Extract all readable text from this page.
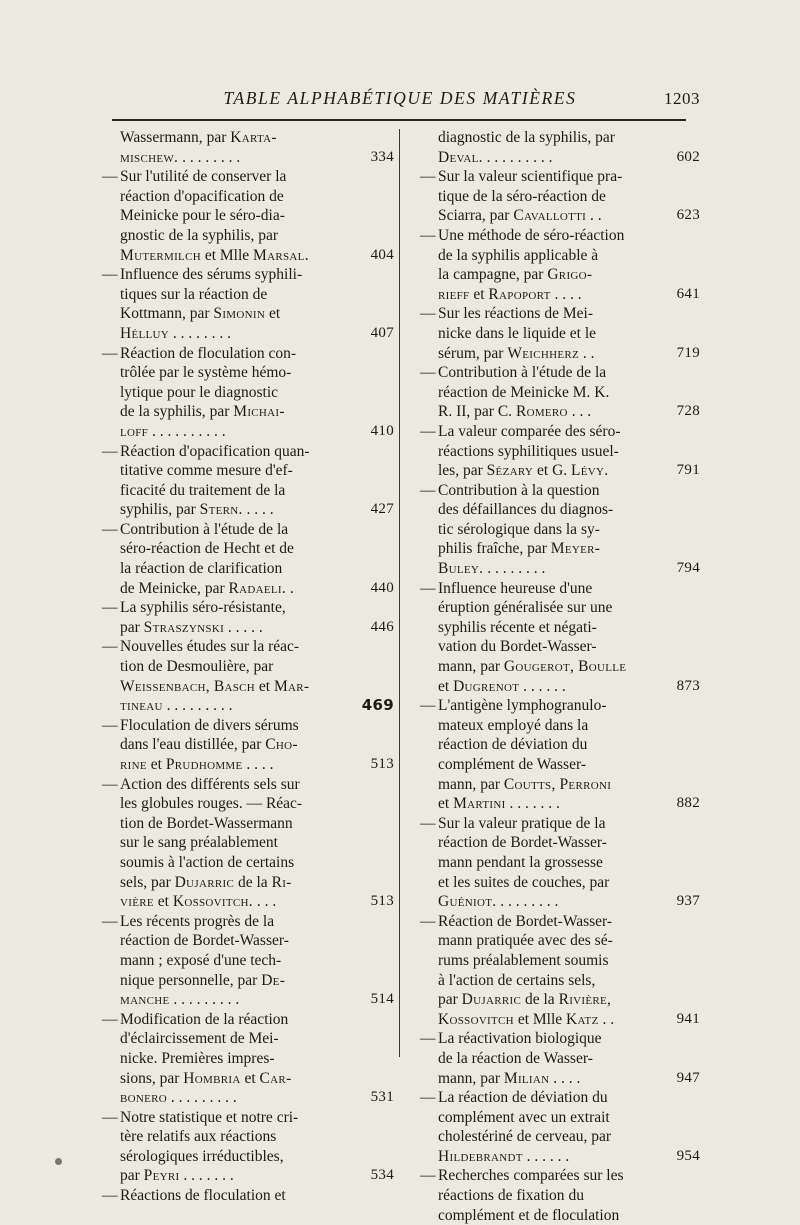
TABLE ALPHABÉTIQUE DES MATIÈRES	1203
Wassermann, par Karta-
mischew. . . . . . . . .	334
— Sur l'utilité de conserver la
réaction d'opacification de
Meinicke pour le séro-dia-
gnostic de la syphilis, par
Mutermilch et Mlle Marsal.	404
— Influence des sérums syphili-
tiques sur la réaction de
Kottmann, par Simonin et
Hélluy . . . . . . . .	407
— Réaction de floculation con-
trôlée par le système hémo-
lytique pour le diagnostic
de la syphilis, par Michai-
loff . . . . . . . . . .	410
— Réaction d'opacification quan-
titative comme mesure d'ef-
ficacité du traitement de la
syphilis, par Stern. . . . .	427
— Contribution à l'étude de la
séro-réaction de Hecht et de
la réaction de clarification
de Meinicke, par Radaeli. .	440
— La syphilis séro-résistante,
par Straszynski . . . . .	446
— Nouvelles études sur la réac-
tion de Desmoulière, par
Weissenbach, Basch et Mar-
tineau . . . . . . . . .	469
— Floculation de divers sérums
dans l'eau distillée, par Cho-
rine et Prudhomme . . . .	513
— Action des différents sels sur
les globules rouges. — Réac-
tion de Bordet-Wassermann
sur le sang préalablement
soumis à l'action de certains
sels, par Dujarric de la Ri-
vière et Kossovitch. . . .	513
— Les récents progrès de la
réaction de Bordet-Wasser-
mann ; exposé d'une tech-
nique personnelle, par De-
manche . . . . . . . . .	514
— Modification de la réaction
d'éclaircissement de Mei-
nicke. Premières impres-
sions, par Hombria et Car-
bonero . . . . . . . . .	531
— Notre statistique et notre cri-
tère relatifs aux réactions
sérologiques irréductibles,
par Peyri . . . . . . .	534
— Réactions de floculation et
diagnostic de la syphilis, par
Deval. . . . . . . . . .	602
— Sur la valeur scientifique pra-
tique de la séro-réaction de
Sciarra, par Cavallotti . .	623
— Une méthode de séro-réaction
de la syphilis applicable à
la campagne, par Grigo-
rieff et Rapoport . . . .	641
— Sur les réactions de Mei-
nicke dans le liquide et le
sérum, par Weichherz . .	719
— Contribution à l'étude de la
réaction de Meinicke M. K.
R. II, par C. Romero . . .	728
— La valeur comparée des séro-
réactions syphilitiques usuel-
les, par Sézary et G. Lévy.	791
— Contribution à la question
des défaillances du diagnos-
tic sérologique dans la sy-
philis fraîche, par Meyer-
Buley. . . . . . . . .	794
— Influence heureuse d'une
éruption généralisée sur une
syphilis récente et négati-
vation du Bordet-Wasser-
mann, par Gougerot, Boulle
et Dugrenot . . . . . .	873
— L'antigène lymphogranulo-
mateux employé dans la
réaction de déviation du
complément de Wasser-
mann, par Coutts, Perroni
et Martini . . . . . . .	882
— Sur la valeur pratique de la
réaction de Bordet-Wasser-
mann pendant la grossesse
et les suites de couches, par
Guéniot. . . . . . . . .	937
— Réaction de Bordet-Wasser-
mann pratiquée avec des sé-
rums préalablement soumis
à l'action de certains sels,
par Dujarric de la Rivière,
Kossovitch et Mlle Katz . .	941
— La réactivation biologique
de la réaction de Wasser-
mann, par Milian . . . .	947
— La réaction de déviation du
complément avec un extrait
cholestériné de cerveau, par
Hildebrandt . . . . . .	954
— Recherches comparées sur les
réactions de fixation du
complément et de floculation
